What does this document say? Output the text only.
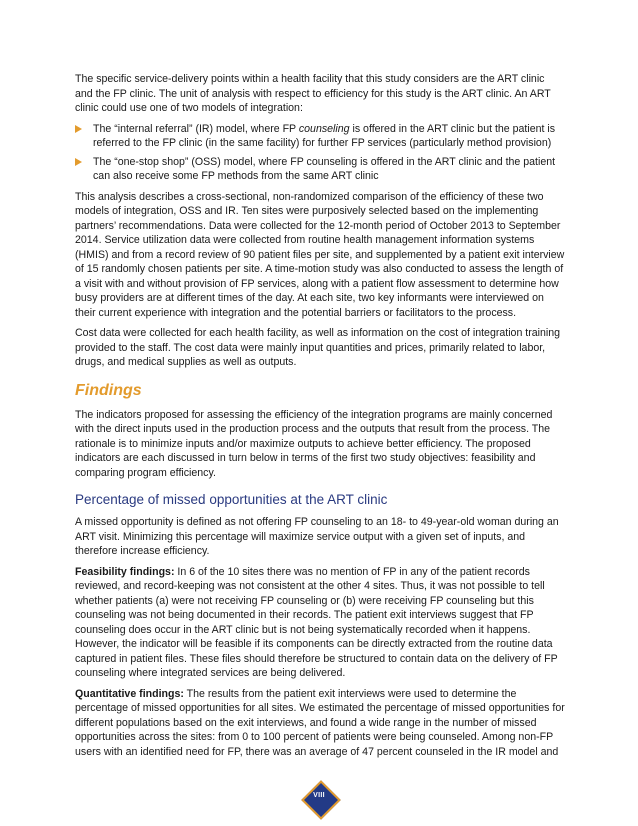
The specific service-delivery points within a health facility that this study considers are the ART clinic and the FP clinic. The unit of analysis with respect to efficiency for this study is the ART clinic. An ART clinic could use one of two models of integration:

The “internal referral” (IR) model, where FP counseling is offered in the ART clinic but the patient is referred to the FP clinic (in the same facility) for further FP services (particularly method provision)
The “one-stop shop” (OSS) model, where FP counseling is offered in the ART clinic and the patient can also receive some FP methods from the same ART clinic

This analysis describes a cross-sectional, non-randomized comparison of the efficiency of these two models of integration, OSS and IR. Ten sites were purposively selected based on the implementing partners’ recommendations. Data were collected for the 12-month period of October 2013 to September 2014. Service utilization data were collected from routine health management information systems (HMIS) and from a record review of 90 patient files per site, and supplemented by a patient exit interview of 15 randomly chosen patients per site. A time-motion study was also conducted to assess the length of a visit with and without provision of FP services, along with a patient flow assessment to determine how busy providers are at different times of the day. At each site, two key informants were interviewed on their current experience with integration and the potential barriers or facilitators to the process.

Cost data were collected for each health facility, as well as information on the cost of integration training provided to the staff. The cost data were mainly input quantities and prices, primarily related to labor, drugs, and medical supplies as well as outputs.

Findings

The indicators proposed for assessing the efficiency of the integration programs are mainly concerned with the direct inputs used in the production process and the outputs that result from the process. The rationale is to minimize inputs and/or maximize outputs to achieve better efficiency. The proposed indicators are each discussed in turn below in terms of the first two study objectives: feasibility and comparing program efficiency.

Percentage of missed opportunities at the ART clinic

A missed opportunity is defined as not offering FP counseling to an 18- to 49-year-old woman during an ART visit. Minimizing this percentage will maximize service output with a given set of inputs, and therefore increase efficiency.

Feasibility findings: In 6 of the 10 sites there was no mention of FP in any of the patient records reviewed, and record-keeping was not consistent at the other 4 sites. Thus, it was not possible to tell whether patients (a) were not receiving FP counseling or (b) were receiving FP counseling but this counseling was not being documented in their records. The patient exit interviews suggest that FP counseling does occur in the ART clinic but is not being systematically recorded when it happens. However, the indicator will be feasible if its components can be directly extracted from the routine data captured in patient files. These files should therefore be structured to contain data on the delivery of FP counseling where integrated services are being delivered.

Quantitative findings: The results from the patient exit interviews were used to determine the percentage of missed opportunities for all sites. We estimated the percentage of missed opportunities for different populations based on the exit interviews, and found a wide range in the number of missed opportunities across the sites: from 0 to 100 percent of patients were being counseled. Among non-FP users with an identified need for FP, there was an average of 47 percent counseled in the IR model and

VIII
